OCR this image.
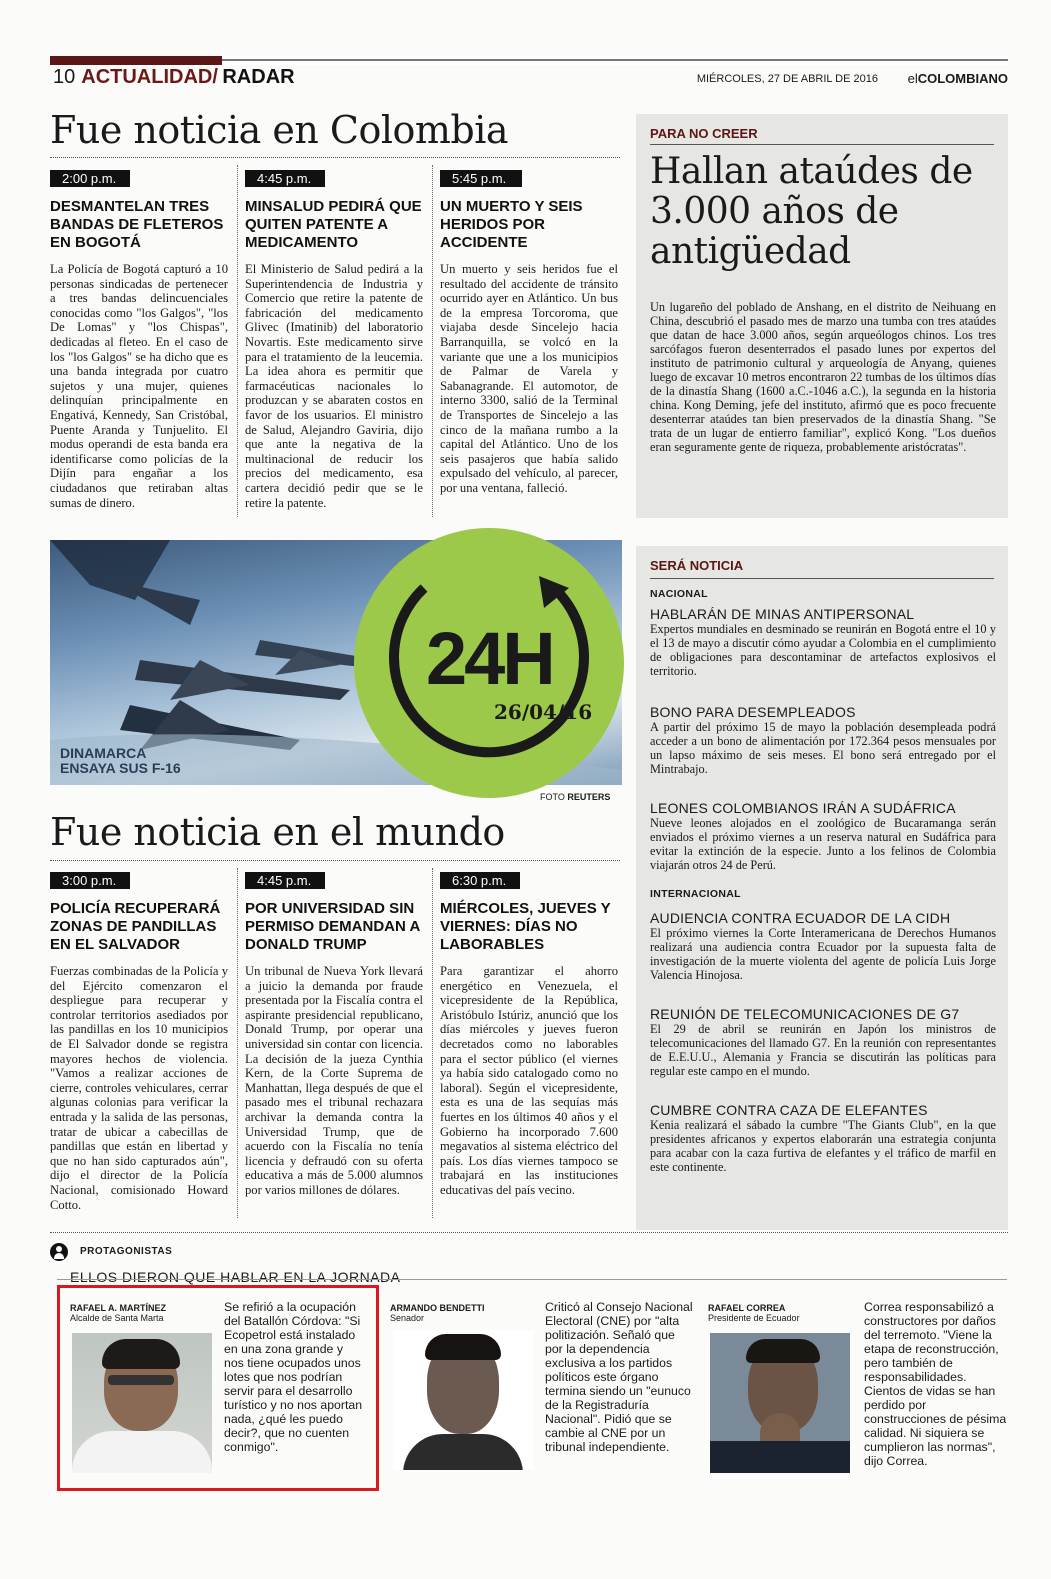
10 ACTUALIDAD/ RADAR	MIÉRCOLES, 27 DE ABRIL DE 2016 elCOLOMBIANO
Fue noticia en Colombia
2:00 p.m.
DESMANTELAN TRES BANDAS DE FLETEROS EN BOGOTÁ
La Policía de Bogotá capturó a 10 personas sindicadas de pertenecer a tres bandas delincuenciales conocidas como "los Galgos", "los De Lomas" y "los Chispas", dedicadas al fleteo. En el caso de los "los Galgos" se ha dicho que es una banda integrada por cuatro sujetos y una mujer, quienes delinquían principalmente en Engativá, Kennedy, San Cristóbal, Puente Aranda y Tunjuelito. El modus operandi de esta banda era identificarse como policías de la Dijín para engañar a los ciudadanos que retiraban altas sumas de dinero.
4:45 p.m.
MINSALUD PEDIRÁ QUE QUITEN PATENTE A MEDICAMENTO
El Ministerio de Salud pedirá a la Superintendencia de Industria y Comercio que retire la patente de fabricación del medicamento Glivec (Imatinib) del laboratorio Novartis. Este medicamento sirve para el tratamiento de la leucemia. La idea ahora es permitir que farmacéuticas nacionales lo produzcan y se abaraten costos en favor de los usuarios. El ministro de Salud, Alejandro Gaviria, dijo que ante la negativa de la multinacional de reducir los precios del medicamento, esa cartera decidió pedir que se le retire la patente.
5:45 p.m.
UN MUERTO Y SEIS HERIDOS POR ACCIDENTE
Un muerto y seis heridos fue el resultado del accidente de tránsito ocurrido ayer en Atlántico. Un bus de la empresa Torcoroma, que viajaba desde Sincelejo hacia Barranquilla, se volcó en la variante que une a los municipios de Palmar de Varela y Sabanagrande. El automotor, de interno 3300, salió de la Terminal de Transportes de Sincelejo a las cinco de la mañana rumbo a la capital del Atlántico. Uno de los seis pasajeros que había salido expulsado del vehículo, al parecer, por una ventana, falleció.
PARA NO CREER
Hallan ataúdes de 3.000 años de antigüedad
Un lugareño del poblado de Anshang, en el distrito de Neihuang en China, descubrió el pasado mes de marzo una tumba con tres ataúdes que datan de hace 3.000 años, según arqueólogos chinos. Los tres sarcófagos fueron desenterrados el pasado lunes por expertos del instituto de patrimonio cultural y arqueología de Anyang, quienes luego de excavar 10 metros encontraron 22 tumbas de los últimos días de la dinastía Shang (1600 a.C.-1046 a.C.), la segunda en la historia china. Kong Deming, jefe del instituto, afirmó que es poco frecuente desenterrar ataúdes tan bien preservados de la dinastía Shang. "Se trata de un lugar de entierro familiar", explicó Kong. "Los dueños eran seguramente gente de riqueza, probablemente aristócratas".
DINAMARCA
ENSAYA SUS F-16
24H
26/04/16
FOTO REUTERS
SERÁ NOTICIA
NACIONAL
HABLARÁN DE MINAS ANTIPERSONAL
Expertos mundiales en desminado se reunirán en Bogotá entre el 10 y el 13 de mayo a discutir cómo ayudar a Colombia en el cumplimiento de obligaciones para descontaminar de artefactos explosivos el territorio.
BONO PARA DESEMPLEADOS
A partir del próximo 15 de mayo la población desempleada podrá acceder a un bono de alimentación por 172.364 pesos mensuales por un lapso máximo de seis meses. El bono será entregado por el Mintrabajo.
LEONES COLOMBIANOS IRÁN A SUDÁFRICA
Nueve leones alojados en el zoológico de Bucaramanga serán enviados el próximo viernes a un reserva natural en Sudáfrica para evitar la extinción de la especie. Junto a los felinos de Colombia viajarán otros 24 de Perú.
INTERNACIONAL
AUDIENCIA CONTRA ECUADOR DE LA CIDH
El próximo viernes la Corte Interamericana de Derechos Humanos realizará una audiencia contra Ecuador por la supuesta falta de investigación de la muerte violenta del agente de policía Luis Jorge Valencia Hinojosa.
REUNIÓN DE TELECOMUNICACIONES DE G7
El 29 de abril se reunirán en Japón los ministros de telecomunicaciones del llamado G7. En la reunión con representantes de E.E.U.U., Alemania y Francia se discutirán las políticas para regular este campo en el mundo.
CUMBRE CONTRA CAZA DE ELEFANTES
Kenia realizará el sábado la cumbre "The Giants Club", en la que presidentes africanos y expertos elaborarán una estrategia conjunta para acabar con la caza furtiva de elefantes y el tráfico de marfil en este continente.
Fue noticia en el mundo
3:00 p.m.
POLICÍA RECUPERARÁ ZONAS DE PANDILLAS EN EL SALVADOR
Fuerzas combinadas de la Policía y del Ejército comenzaron el despliegue para recuperar y controlar territorios asediados por las pandillas en los 10 municipios de El Salvador donde se registra mayores hechos de violencia. "Vamos a realizar acciones de cierre, controles vehiculares, cerrar algunas colonias para verificar la entrada y la salida de las personas, tratar de ubicar a cabecillas de pandillas que están en libertad y que no han sido capturados aún", dijo el director de la Policía Nacional, comisionado Howard Cotto.
4:45 p.m.
POR UNIVERSIDAD SIN PERMISO DEMANDAN A DONALD TRUMP
Un tribunal de Nueva York llevará a juicio la demanda por fraude presentada por la Fiscalía contra el aspirante presidencial republicano, Donald Trump, por operar una universidad sin contar con licencia. La decisión de la jueza Cynthia Kern, de la Corte Suprema de Manhattan, llega después de que el pasado mes el tribunal rechazara archivar la demanda contra la Universidad Trump, que de acuerdo con la Fiscalía no tenía licencia y defraudó con su oferta educativa a más de 5.000 alumnos por varios millones de dólares.
6:30 p.m.
MIÉRCOLES, JUEVES Y VIERNES: DÍAS NO LABORABLES
Para garantizar el ahorro energético en Venezuela, el vicepresidente de la República, Aristóbulo Istúriz, anunció que los días miércoles y jueves fueron decretados como no laborables para el sector público (el viernes ya había sido catalogado como no laboral). Según el vicepresidente, esta es una de las sequías más fuertes en los últimos 40 años y el Gobierno ha incorporado 7.600 megavatios al sistema eléctrico del país. Los días viernes tampoco se trabajará en las instituciones educativas del país vecino.
PROTAGONISTAS
ELLOS DIERON QUE HABLAR EN LA JORNADA
RAFAEL A. MARTÍNEZ
Alcalde de Santa Marta
Se refirió a la ocupación del Batallón Córdova: "Si Ecopetrol está instalado en una zona grande y nos tiene ocupados unos lotes que nos podrían servir para el desarrollo turístico y no nos aportan nada, ¿qué les puedo decir?, que no cuenten conmigo".
ARMANDO BENDETTI
Senador
Criticó al Consejo Nacional Electoral (CNE) por "alta politización. Señaló que por la dependencia exclusiva a los partidos políticos este órgano termina siendo un "eunuco de la Registraduría Nacional". Pidió que se cambie al CNE por un tribunal independiente.
RAFAEL CORREA
Presidente de Ecuador
Correa responsabilizó a constructores por daños del terremoto. "Viene la etapa de reconstrucción, pero también de responsabilidades. Cientos de vidas se han perdido por construcciones de pésima calidad. Ni siquiera se cumplieron las normas", dijo Correa.
